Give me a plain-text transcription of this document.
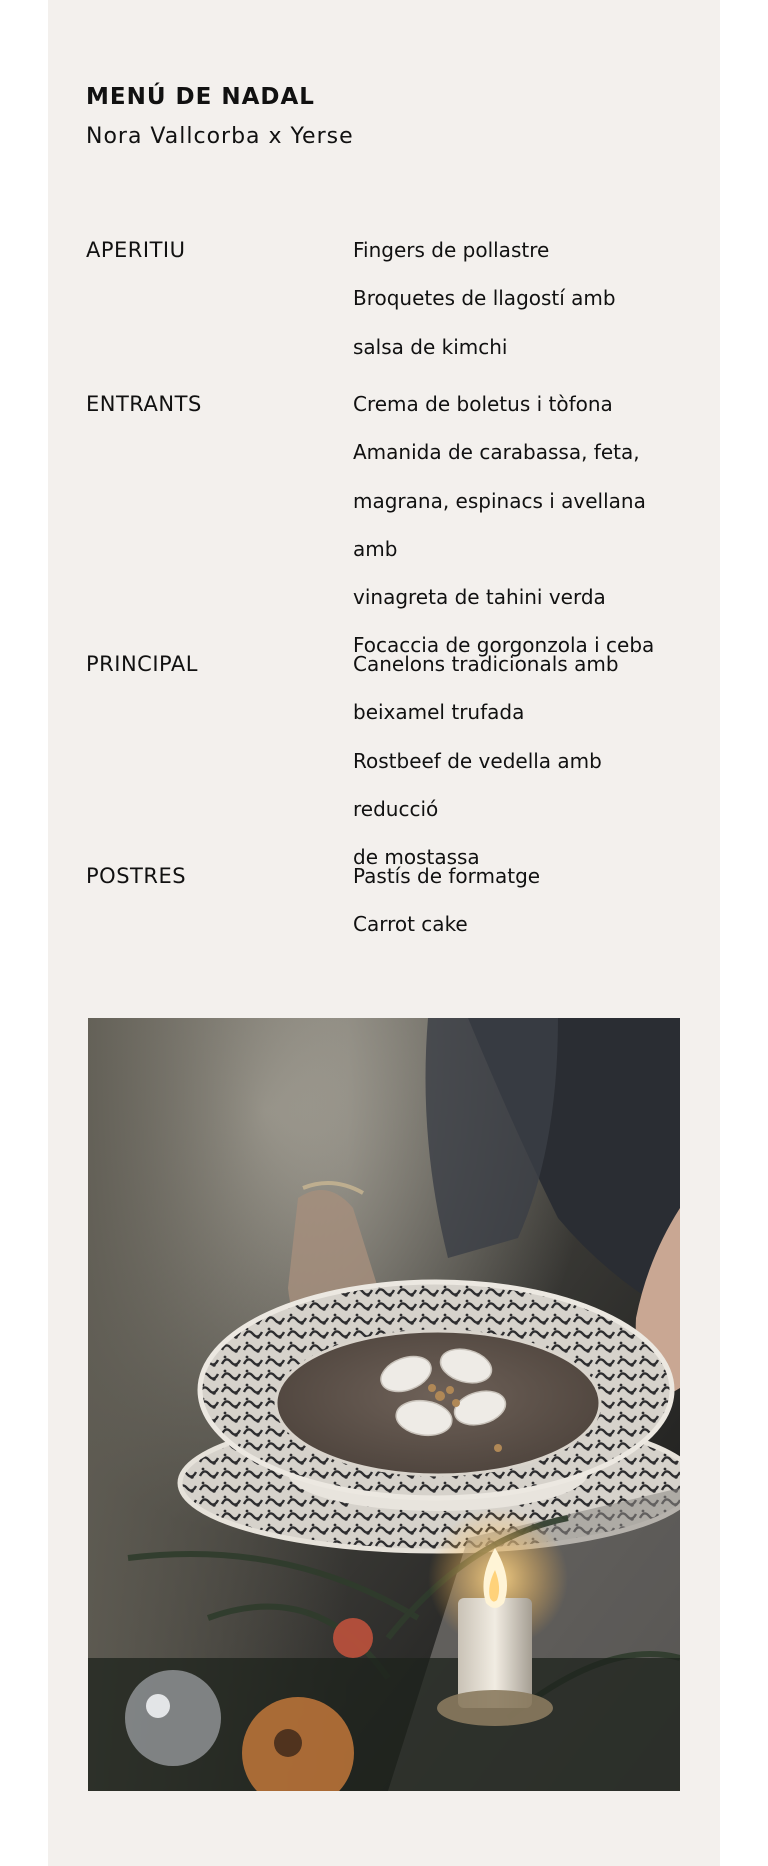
MENÚ DE NADAL

Nora Vallcorba x Yerse

APERITIU	Fingers de pollastre
Broquetes de llagostí amb
salsa de kimchi
ENTRANTS	Crema de boletus i tòfona
Amanida de carabassa, feta,
magrana, espinacs i avellana amb
vinagreta de tahini verda
Focaccia de gorgonzola i ceba
PRINCIPAL	Canelons tradicionals amb
beixamel trufada
Rostbeef de vedella amb reducció
de mostassa
POSTRES	Pastís de formatge
Carrot cake
